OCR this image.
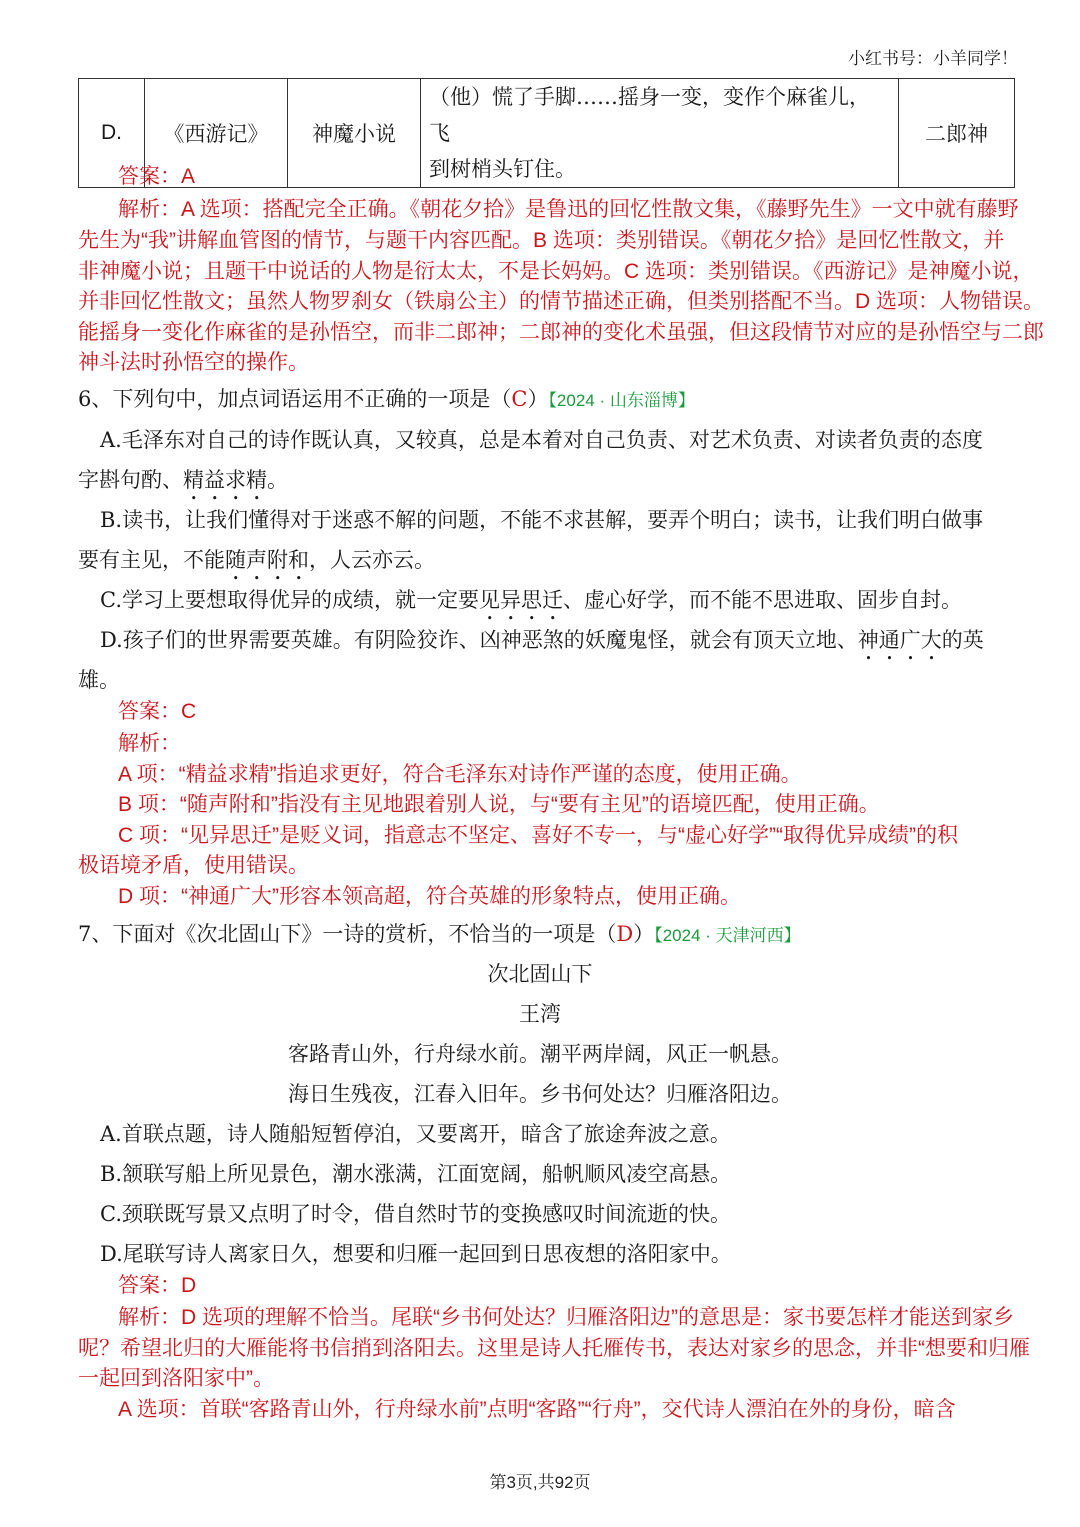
小红书号：小羊同学！
D.	《西游记》	神魔小说	（他）慌了手脚……摇身一变，变作个麻雀儿，飞
到树梢头钉住。	二郎神
答案：A
解析：A 选项：搭配完全正确。《朝花夕拾》是鲁迅的回忆性散文集，《藤野先生》一文中就有藤野
先生为“我”讲解血管图的情节，与题干内容匹配。B 选项：类别错误。《朝花夕拾》是回忆性散文，并
非神魔小说；且题干中说话的人物是衍太太，不是长妈妈。C 选项：类别错误。《西游记》是神魔小说，
并非回忆性散文；虽然人物罗刹女（铁扇公主）的情节描述正确，但类别搭配不当。D 选项：人物错误。
能摇身一变化作麻雀的是孙悟空，而非二郎神；二郎神的变化术虽强，但这段情节对应的是孙悟空与二郎
神斗法时孙悟空的操作。
6、下列句中，加点词语运用不正确的一项是（C）【2024 · 山东淄博】
A.毛泽东对自己的诗作既认真，又较真，总是本着对自己负责、对艺术负责、对读者负责的态度
字斟句酌、精益求精。
B.读书，让我们懂得对于迷惑不解的问题，不能不求甚解，要弄个明白；读书，让我们明白做事
要有主见，不能随声附和，人云亦云。
C.学习上要想取得优异的成绩，就一定要见异思迁、虚心好学，而不能不思进取、固步自封。
D.孩子们的世界需要英雄。有阴险狡诈、凶神恶煞的妖魔鬼怪，就会有顶天立地、神通广大的英
雄。
答案：C
解析：
A 项：“精益求精”指追求更好，符合毛泽东对诗作严谨的态度，使用正确。
B 项：“随声附和”指没有主见地跟着别人说，与“要有主见”的语境匹配，使用正确。
C 项：“见异思迁”是贬义词，指意志不坚定、喜好不专一，与“虚心好学”“取得优异成绩”的积
极语境矛盾，使用错误。
D 项：“神通广大”形容本领高超，符合英雄的形象特点，使用正确。
7、下面对《次北固山下》一诗的赏析，不恰当的一项是（D）【2024 · 天津河西】
次北固山下
王湾
客路青山外，行舟绿水前。潮平两岸阔，风正一帆悬。
海日生残夜，江春入旧年。乡书何处达？归雁洛阳边。
A.首联点题，诗人随船短暂停泊，又要离开，暗含了旅途奔波之意。
B.颔联写船上所见景色，潮水涨满，江面宽阔，船帆顺风凌空高悬。
C.颈联既写景又点明了时令，借自然时节的变换感叹时间流逝的快。
D.尾联写诗人离家日久，想要和归雁一起回到日思夜想的洛阳家中。
答案：D
解析：D 选项的理解不恰当。尾联“乡书何处达？归雁洛阳边”的意思是：家书要怎样才能送到家乡
呢？希望北归的大雁能将书信捎到洛阳去。这里是诗人托雁传书，表达对家乡的思念，并非“想要和归雁
一起回到洛阳家中”。
A 选项：首联“客路青山外，行舟绿水前”点明“客路”“行舟”，交代诗人漂泊在外的身份，暗含
第3页,共92页
